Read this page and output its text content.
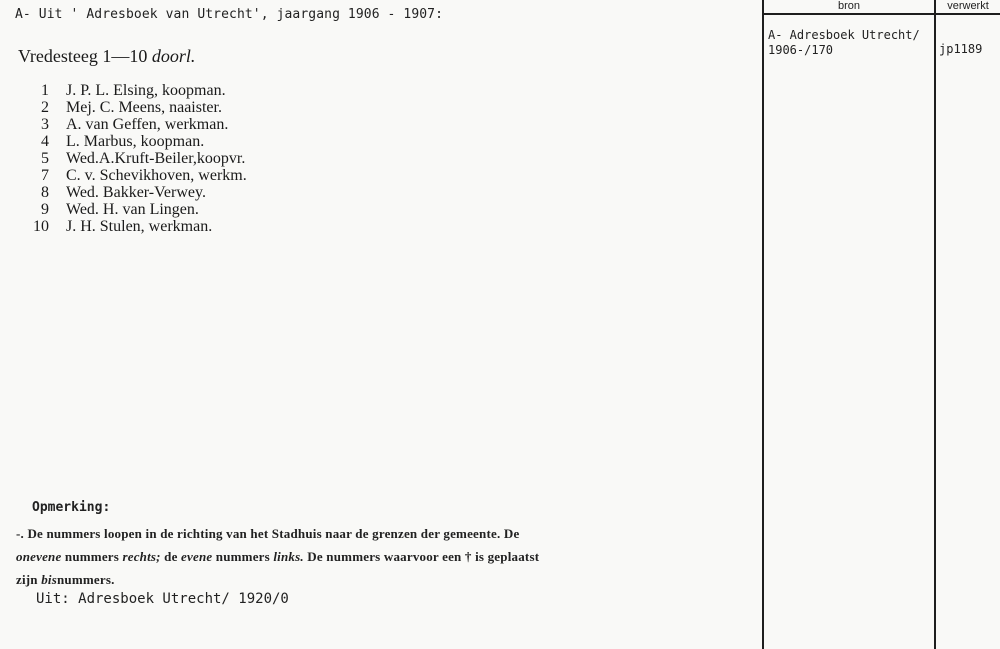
A- Uit ' Adresboek van Utrecht', jaargang 1906 - 1907:
Vredesteeg 1—10 doorl.
1 J. P. L. Elsing, koopman.
2 Mej. C. Meens, naaister.
3 A. van Geffen, werkman.
4 L. Marbus, koopman.
5 Wed.A.Kruft-Beiler,koopvr.
7 C. v. Schevikhoven, werkm.
8 Wed. Bakker-Verwey.
9 Wed. H. van Lingen.
10 J. H. Stulen, werkman.
Opmerking:
-. De nummers loopen in de richting van het Stadhuis naar de grenzen der gemeente. De onevene nummers rechts; de evene nummers links. De nummers waarvoor een † is geplaatst zijn bisnummers.
Uit: Adresboek Utrecht/ 1920/0
bron	verwerkt
A- Adresboek Utrecht/
1906-/170	jp1189
